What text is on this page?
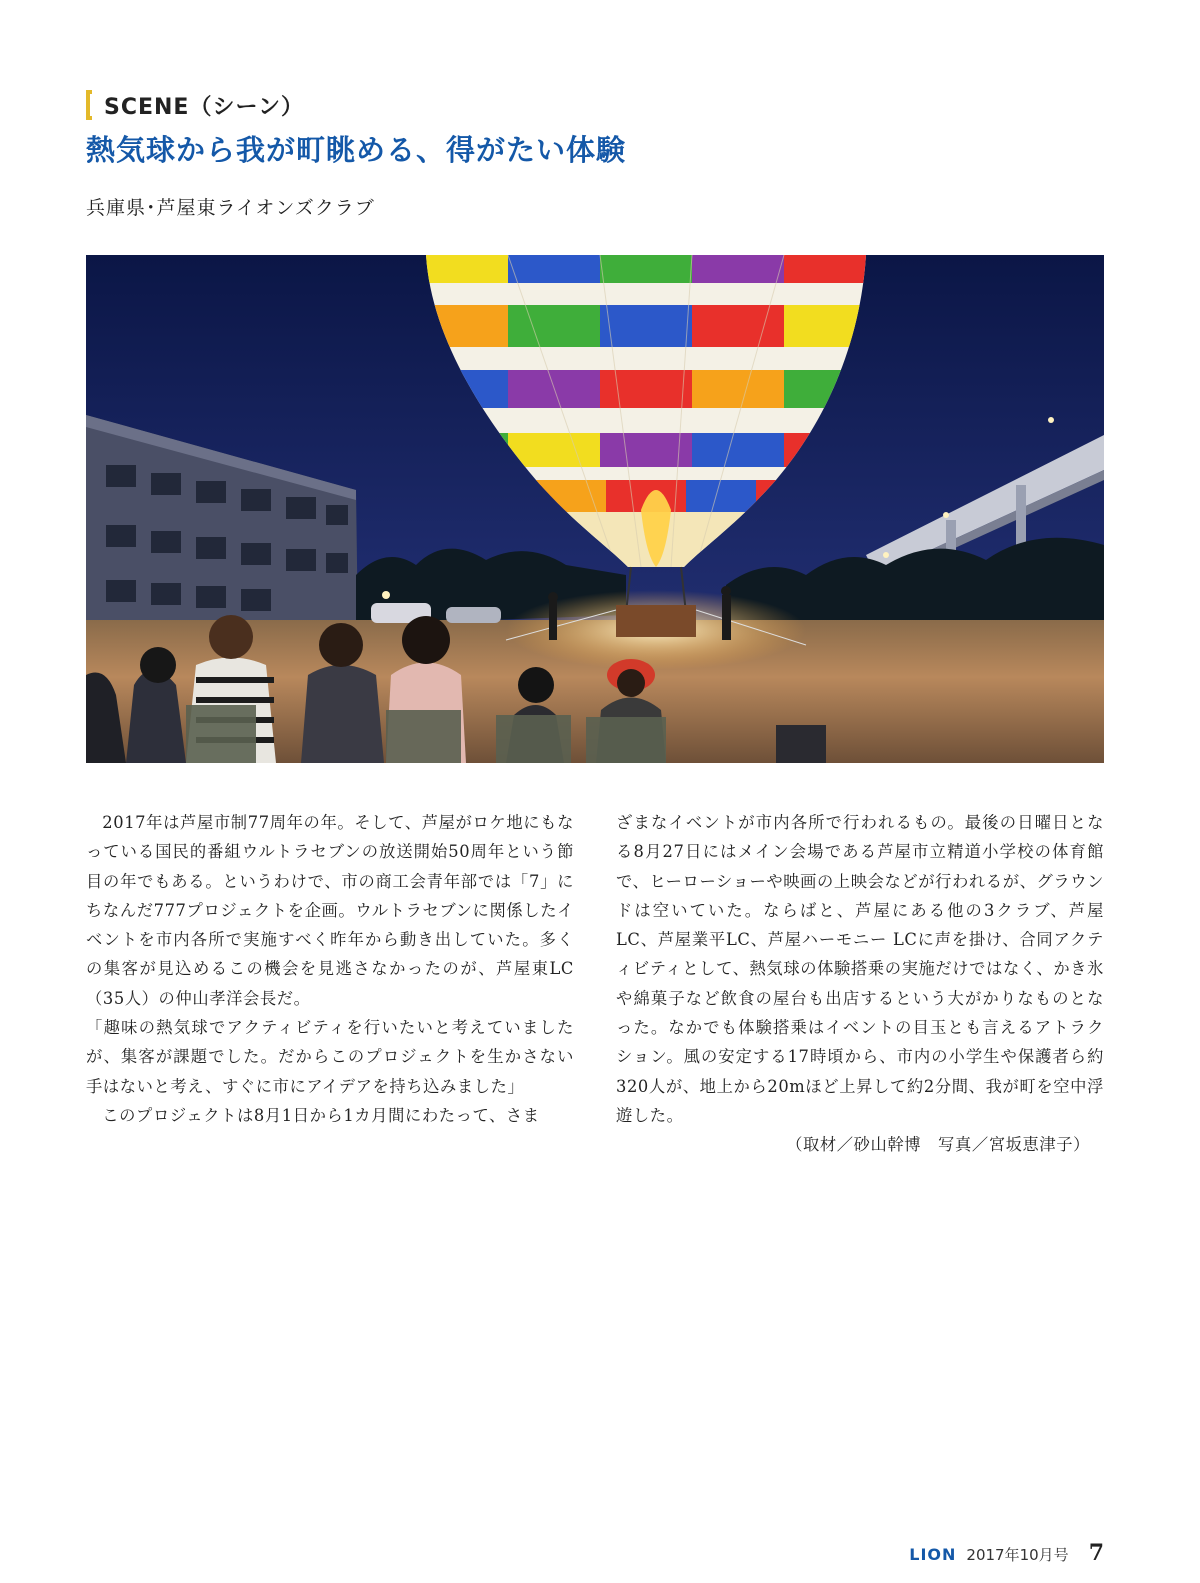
SCENE（シーン）
熱気球から我が町眺める、得がたい体験
兵庫県･芦屋東ライオンズクラブ

2017年は芦屋市制77周年の年。そして、芦屋がロケ地にもなっている国民的番組ウルトラセブンの放送開始50周年という節目の年でもある。というわけで、市の商工会青年部では「7」にちなんだ777プロジェクトを企画。ウルトラセブンに関係したイベントを市内各所で実施すべく昨年から動き出していた。多くの集客が見込めるこの機会を見逃さなかったのが、芦屋東LC（35人）の仲山孝洋会長だ。

「趣味の熱気球でアクティビティを行いたいと考えていましたが、集客が課題でした。だからこのプロジェクトを生かさない手はないと考え、すぐに市にアイデアを持ち込みました」

このプロジェクトは8月1日から1カ月間にわたって、さま

ざまなイベントが市内各所で行われるもの。最後の日曜日となる8月27日にはメイン会場である芦屋市立精道小学校の体育館で、ヒーローショーや映画の上映会などが行われるが、グラウンドは空いていた。ならばと、芦屋にある他の3クラブ、芦屋LC、芦屋業平LC、芦屋ハーモニー LCに声を掛け、合同アクティビティとして、熱気球の体験搭乗の実施だけではなく、かき氷や綿菓子など飲食の屋台も出店するという大がかりなものとなった。なかでも体験搭乗はイベントの目玉とも言えるアトラクション。風の安定する17時頃から、市内の小学生や保護者ら約320人が、地上から20mほど上昇して約2分間、我が町を空中浮遊した。

（取材／砂山幹博　写真／宮坂恵津子）

LION 2017年10月号 7
